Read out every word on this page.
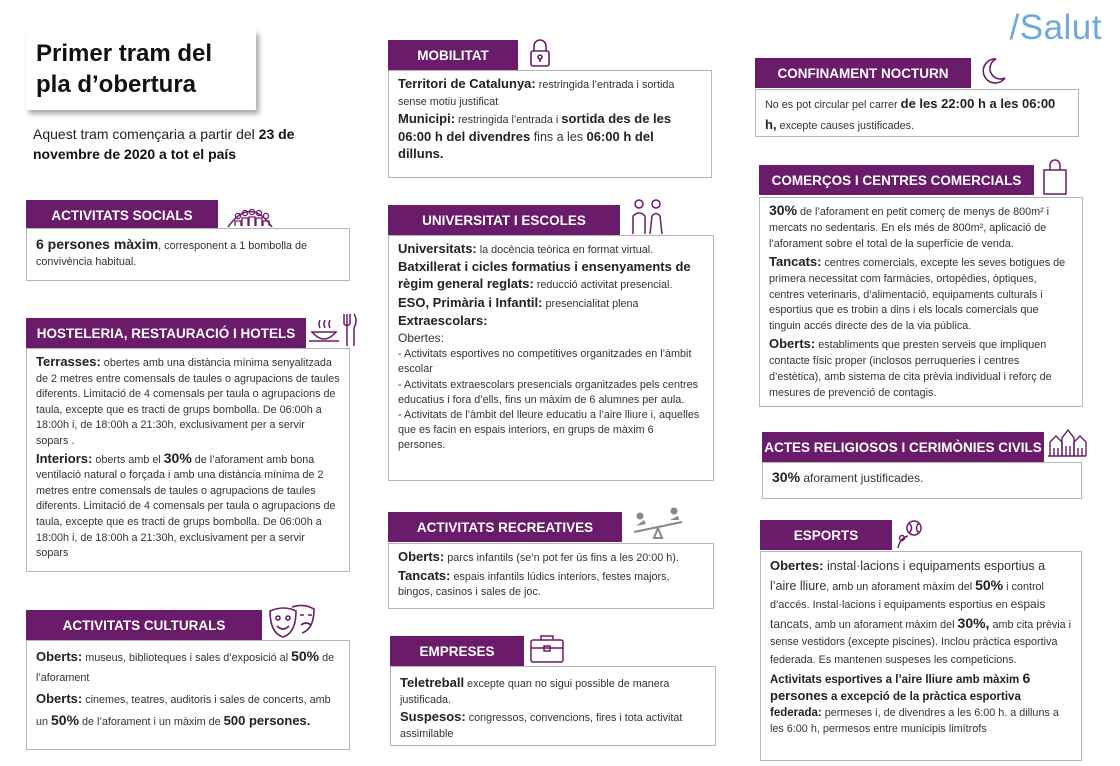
/Salut
Primer tram del
pla d’obertura
Aquest tram començaria a partir del 23 de novembre de 2020 a tot el país
ACTIVITATS SOCIALS
6 persones màxim, corresponent a 1 bombolla de convivència habitual.
HOSTELERIA, RESTAURACIÓ I HOTELS
Terrasses: obertes amb una distància mínima senyalitzada de 2 metres entre comensals de taules o agrupacions de taules diferents. Limitació de 4 comensals per taula o agrupacions de taula, excepte que es tracti de grups bombolla. De 06:00h a 18:00h i, de 18:00h a 21:30h, exclusivament per a servir sopars .
Interiors: oberts amb el 30% de l’aforament amb bona ventilació natural o forçada i amb una distància mínima de 2 metres entre comensals de taules o agrupacions de taules diferents. Limitació de 4 comensals per taula o agrupacions de taula, excepte que es tracti de grups bombolla. De 06:00h a 18:00h i, de 18:00h a 21:30h, exclusivament per a servir sopars
ACTIVITATS CULTURALS
Oberts: museus, biblioteques i sales d’exposició al 50% de l’aforament
Oberts: cinemes, teatres, auditoris i sales de concerts, amb un 50% de l’aforament i un màxim de 500 persones.
MOBILITAT
Territori de Catalunya: restringida l’entrada i sortida sense motiu justificat
Municipi: restringida l’entrada i sortida des de les 06:00 h del divendres fins a les 06:00 h del dilluns.
UNIVERSITAT I ESCOLES
Universitats: la docència teòrica en format virtual.
Batxillerat i cicles formatius i ensenyaments de règim general reglats: reducció activitat presencial.
ESO, Primària i Infantil: presencialitat plena
Extraescolars:
Obertes:
- Activitats esportives no competitives organitzades en l’àmbit escolar
- Activitats extraescolars presencials organitzades pels centres educatius i fora d’ells, fins un màxim de 6 alumnes per aula.
- Activitats de l’àmbit del lleure educatiu a l’aire lliure i, aquelles que es facin en espais interiors, en grups de màxim 6 persones.
ACTIVITATS RECREATIVES
Oberts: parcs infantils (se’n pot fer ús fins a les 20:00 h).
Tancats: espais infantils lúdics interiors, festes majors, bingos, casinos i sales de joc.
EMPRESES
Teletreball excepte quan no sigui possible de manera justificada.
Suspesos: congressos, convencions, fires i tota activitat assimilable
CONFINAMENT NOCTURN
No es pot circular pel carrer de les 22:00 h a les 06:00 h, excepte causes justificades.
COMERÇOS I CENTRES COMERCIALS
30% de l’aforament en petit comerç de menys de 800m² i mercats no sedentaris. En els més de 800m², aplicació de l’aforament sobre el total de la superfície de venda.
Tancats: centres comercials, excepte les seves botigues de primera necessitat com farmàcies, ortopèdies, òptiques, centres veterinaris, d’alimentació, equipaments culturals i esportius que es trobin a dins i els locals comercials que tinguin accés directe des de la via pública.
Oberts: establiments que presten serveis que impliquen contacte físic proper (inclosos perruqueries i centres d’estètica), amb sistema de cita prèvia individual i reforç de mesures de prevenció de contagis.
ACTES RELIGIOSOS I CERIMÒNIES CIVILS
30% aforament justificades.
ESPORTS
Obertes: instal·lacions i equipaments esportius a l’aire lliure, amb un aforament màxim del 50% i control d’accés. Instal·lacions i equipaments esportius en espais tancats, amb un aforament màxim del 30%, amb cita prèvia i sense vestidors (excepte piscines). Inclou pràctica esportiva federada. Es mantenen suspeses les competicions.
Activitats esportives a l’aire lliure amb màxim 6 persones a excepció de la pràctica esportiva federada: permeses i, de divendres a les 6:00 h. a dilluns a les 6:00 h, permesos entre municipis limítrofs
